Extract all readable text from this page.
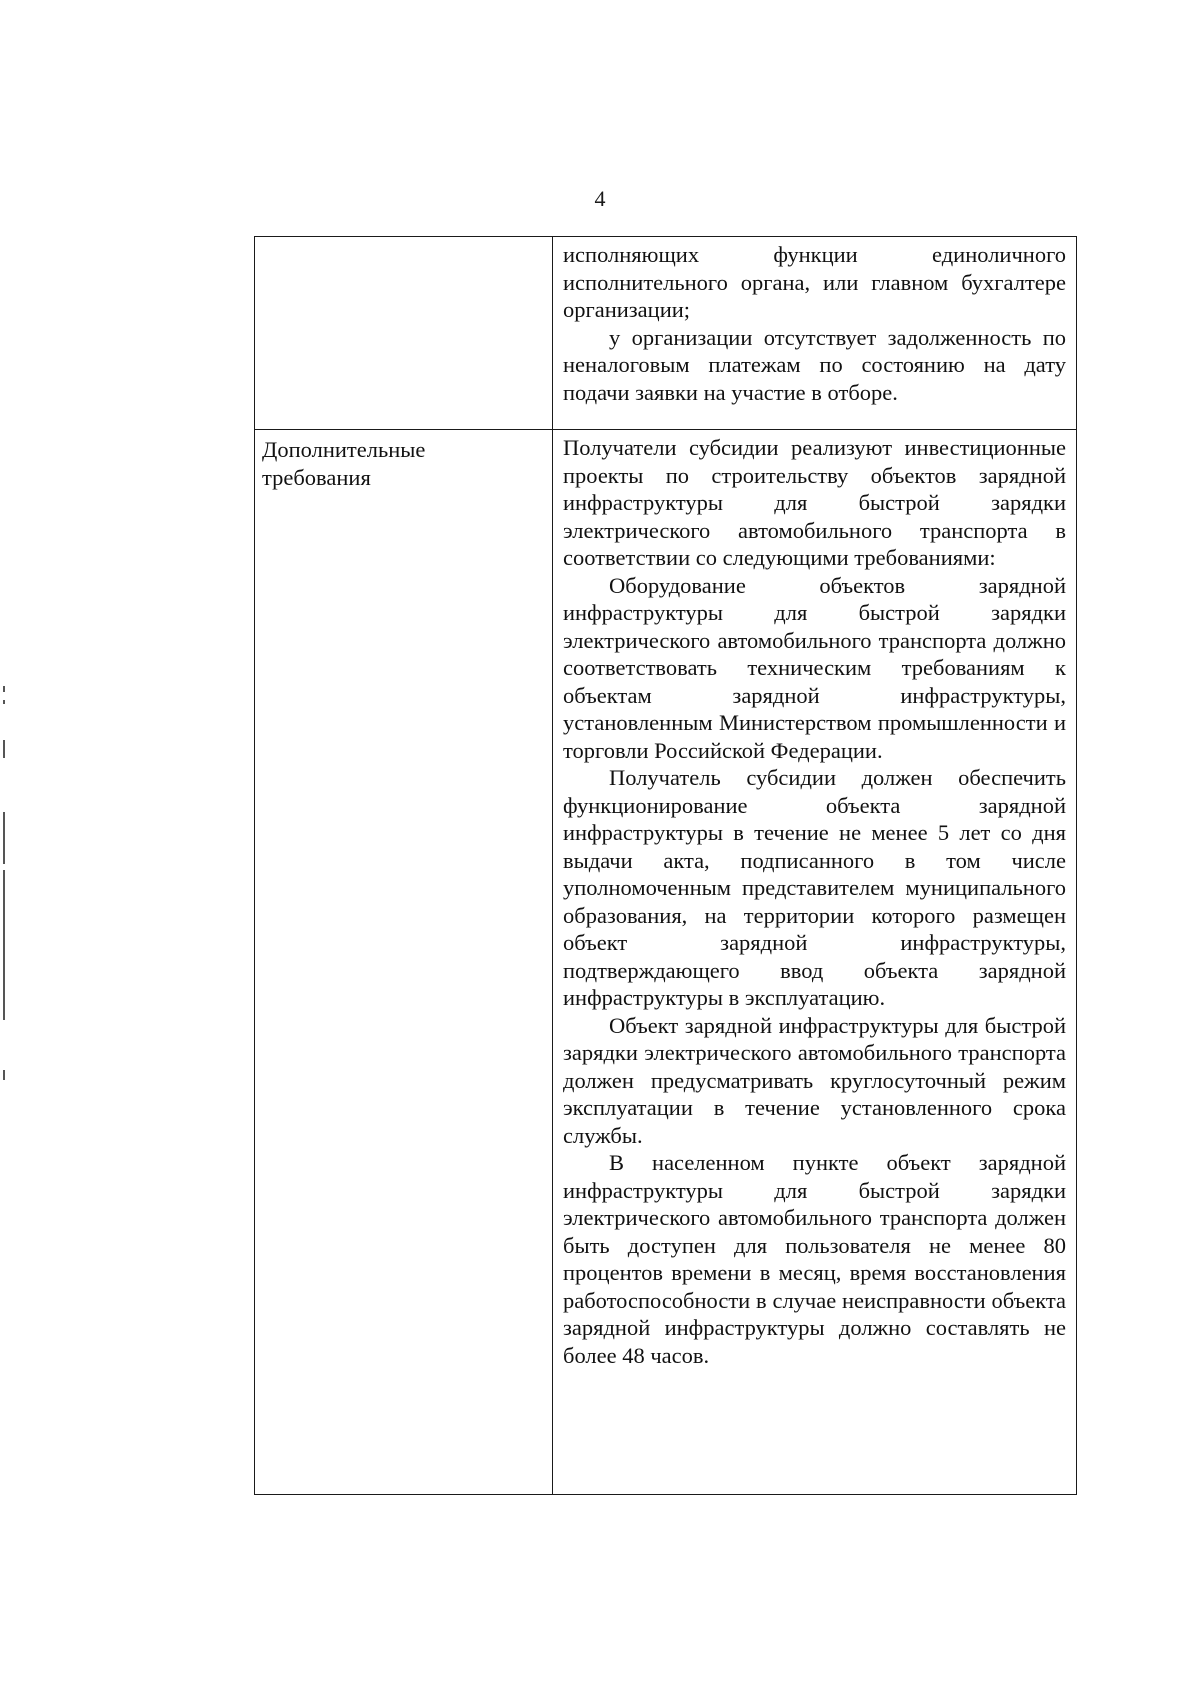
4

	исполняющих функции единоличного исполнительного органа, или главном бухгалтере организации;

у организации отсутствует задолженность по неналоговым платежам по состоянию на дату подачи заявки на участие в отборе.

Дополнительные требования	Получатели субсидии реализуют инвестиционные проекты по строительству объектов зарядной инфраструктуры для быстрой зарядки электрического автомобильного транспорта в соответствии со следующими требованиями:

Оборудование объектов зарядной инфраструктуры для быстрой зарядки электрического автомобильного транспорта должно соответствовать техническим требованиям к объектам зарядной инфраструктуры, установленным Министерством промышленности и торговли Российской Федерации.

Получатель субсидии должен обеспечить функционирование объекта зарядной инфраструктуры в течение не менее 5 лет со дня выдачи акта, подписанного в том числе уполномоченным представителем муниципального образования, на территории которого размещен объект зарядной инфраструктуры, подтверждающего ввод объекта зарядной инфраструктуры в эксплуатацию.

Объект зарядной инфраструктуры для быстрой зарядки электрического автомобильного транспорта должен предусматривать круглосуточный режим эксплуатации в течение установленного срока службы.

В населенном пункте объект зарядной инфраструктуры для быстрой зарядки электрического автомобильного транспорта должен быть доступен для пользователя не менее 80 процентов времени в месяц, время восстановления работоспособности в случае неисправности объекта зарядной инфраструктуры должно составлять не более 48 часов.
